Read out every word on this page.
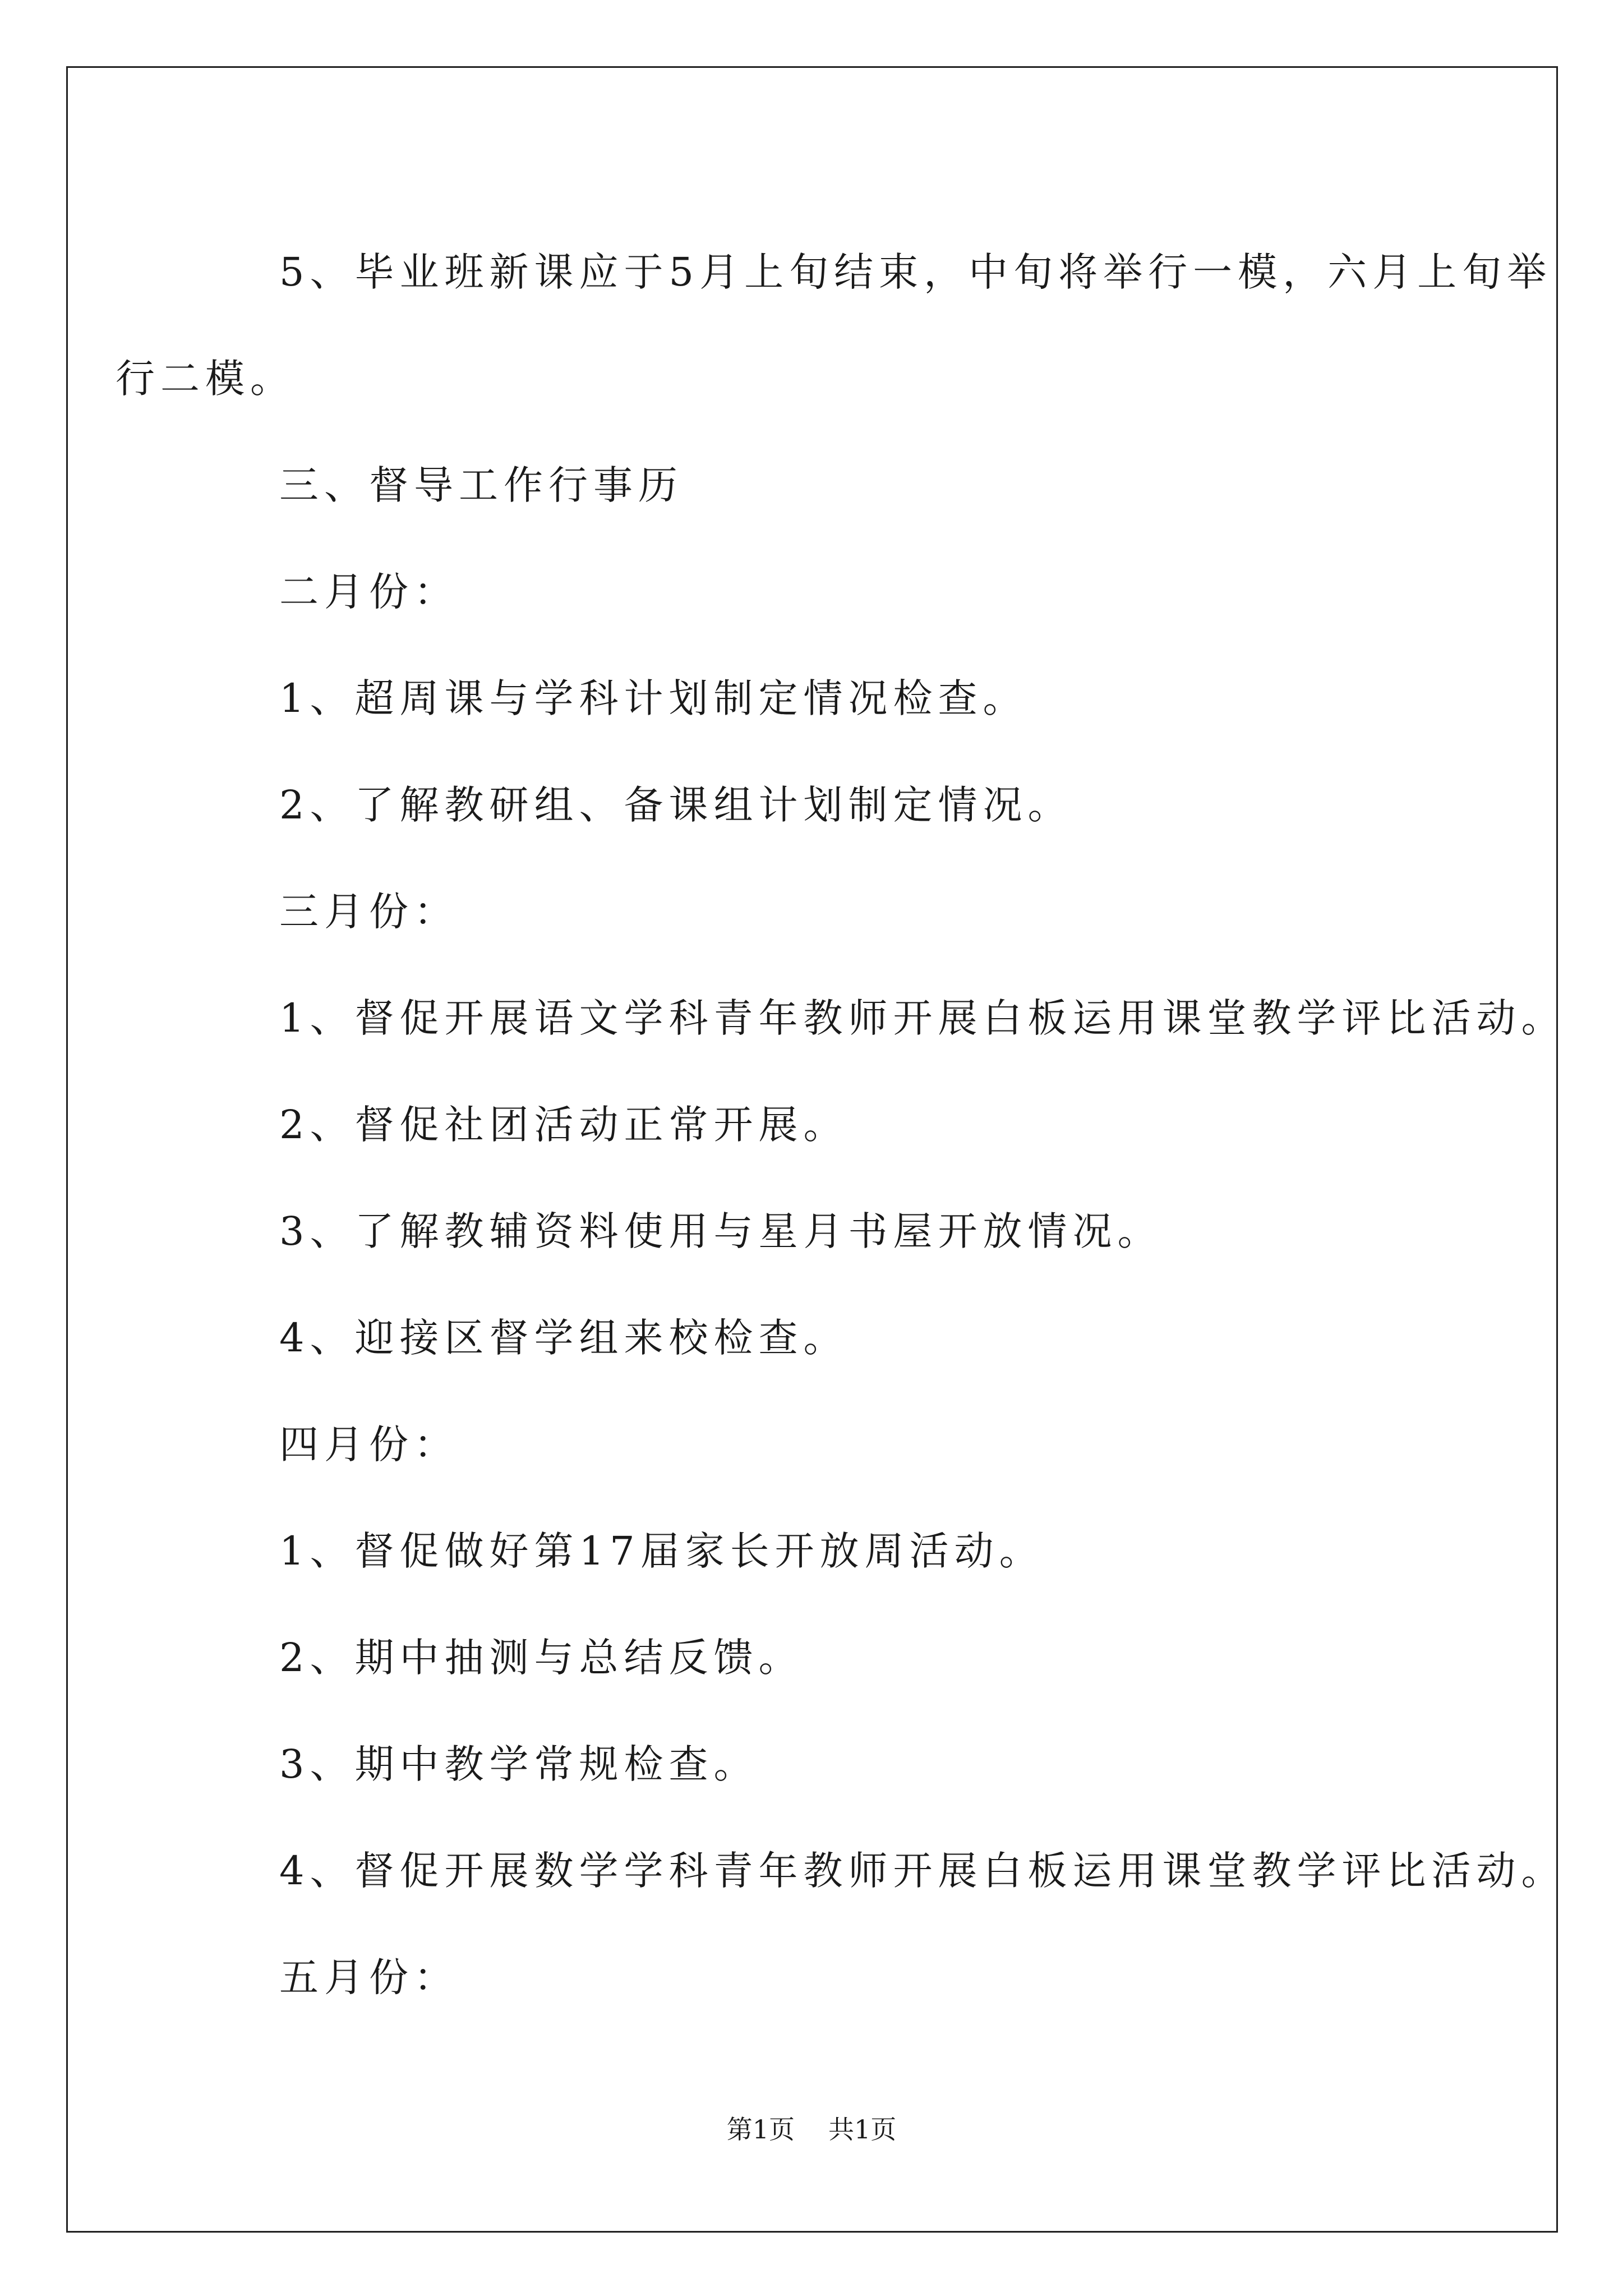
5、毕业班新课应于5月上旬结束，中旬将举行一模，六月上旬举

行二模。

三、督导工作行事历

二月份：

1、超周课与学科计划制定情况检查。

2、了解教研组、备课组计划制定情况。

三月份：

1、督促开展语文学科青年教师开展白板运用课堂教学评比活动。

2、督促社团活动正常开展。

3、了解教辅资料使用与星月书屋开放情况。

4、迎接区督学组来校检查。

四月份：

1、督促做好第17届家长开放周活动。

2、期中抽测与总结反馈。

3、期中教学常规检查。

4、督促开展数学学科青年教师开展白板运用课堂教学评比活动。

五月份：

第1页 共1页
